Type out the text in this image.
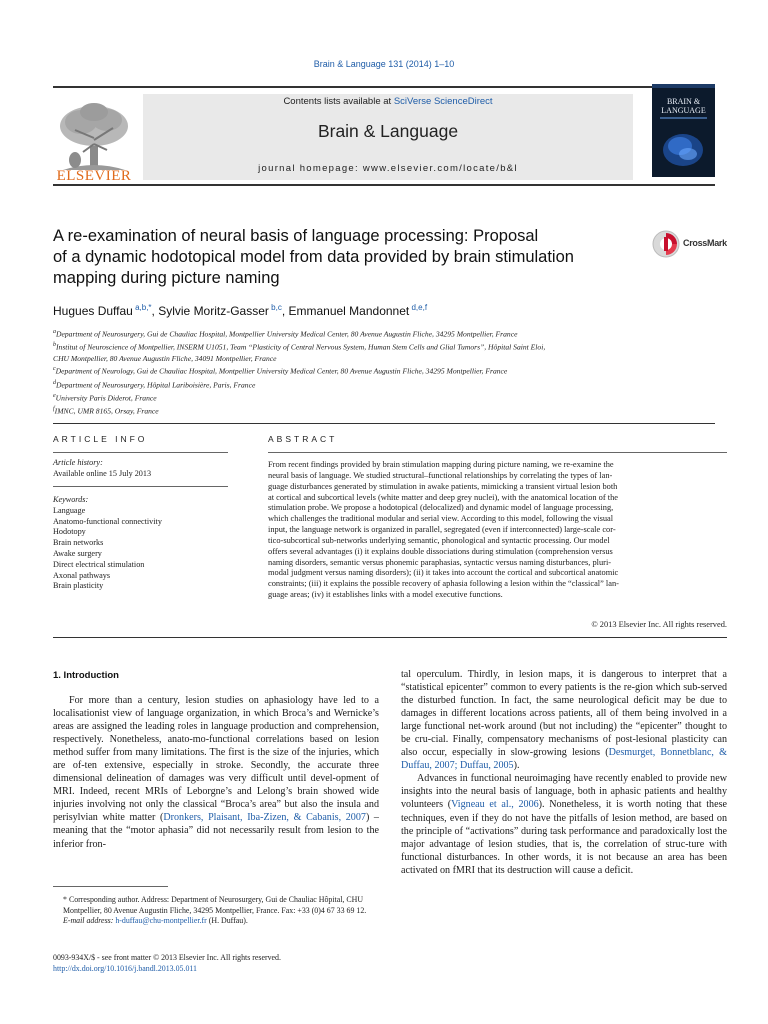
Brain & Language 131 (2014) 1–10
ELSEVIER
Contents lists available at SciVerse ScienceDirect
Brain & Language
journal homepage: www.elsevier.com/locate/b&l
BRAIN &
LANGUAGE
A re-examination of neural basis of language processing: Proposal
of a dynamic hodotopical model from data provided by brain stimulation
mapping during picture naming
CrossMark
Hugues Duffau $^{a,b,*}$, Sylvie Moritz-Gasser $^{b,c}$, Emmanuel Mandonnet $^{d,e,f}$
$^a$Department of Neurosurgery, Gui de Chauliac Hospital, Montpellier University Medical Center, 80 Avenue Augustin Fliche, 34295 Montpellier, France
$^b$Institut of Neuroscience of Montpellier, INSERM U1051, Team “Plasticity of Central Nervous System, Human Stem Cells and Glial Tumors”, Hôpital Saint Eloi,
CHU Montpellier, 80 Avenue Augustin Fliche, 34091 Montpellier, France
$^c$Department of Neurology, Gui de Chauliac Hospital, Montpellier University Medical Center, 80 Avenue Augustin Fliche, 34295 Montpellier, France
$^d$Department of Neurosurgery, Hôpital Lariboisière, Paris, France
$^e$University Paris Diderot, France
$^f$IMNC, UMR 8165, Orsay, France
ARTICLE INFO	ABSTRACT
Article history:
Available online 15 July 2013
Keywords:
Language
Anatomo-functional connectivity
Hodotopy
Brain networks
Awake surgery
Direct electrical stimulation
Axonal pathways
Brain plasticity
From recent findings provided by brain stimulation mapping during picture naming, we re-examine the
neural basis of language. We studied structural–functional relationships by correlating the types of lan-
guage disturbances generated by stimulation in awake patients, mimicking a transient virtual lesion both
at cortical and subcortical levels (white matter and deep grey nuclei), with the anatomical location of the
stimulation probe. We propose a hodotopical (delocalized) and dynamic model of language processing,
which challenges the traditional modular and serial view. According to this model, following the visual
input, the language network is organized in parallel, segregated (even if interconnected) large-scale cor-
tico-subcortical sub-networks underlying semantic, phonological and syntactic processing. Our model
offers several advantages (i) it explains double dissociations during stimulation (comprehension versus
naming disorders, semantic versus phonemic paraphasias, syntactic versus naming disturbances, pluri-
modal judgment versus naming disorders); (ii) it takes into account the cortical and subcortical anatomic
constraints; (iii) it explains the possible recovery of aphasia following a lesion within the “classical” lan-
guage areas; (iv) it establishes links with a model executive functions.
© 2013 Elsevier Inc. All rights reserved.
1. Introduction

For more than a century, lesion studies on aphasiology have led to a localisationist view of language organization, in which Broca’s and Wernicke’s areas are assigned the leading roles in language production and comprehension, respectively. Nonetheless, anato-mo-functional correlations based on lesion method suffer from many limitations. The first is the size of the injuries, which are of-ten extensive, especially in stroke. Secondly, the accurate three dimensional delineation of damages was very difficult until devel-opment of MRI. Indeed, recent MRIs of Leborgne’s and Lelong’s brain showed wide injuries involving not only the classical “Broca’s area” but also the insula and perisylvian white matter (Dronkers, Plaisant, Iba-Zizen, & Cabanis, 2007) – meaning that the “motor aphasia” did not necessarily result from lesion to the inferior fron-

tal operculum. Thirdly, in lesion maps, it is dangerous to interpret that a “statistical epicenter” common to every patients is the re-gion which sub-served the disturbed function. In fact, the same neurological deficit may be due to damages in different locations across patients, all of them being involved in a large functional net-work around (but not including) the “epicenter” thought to be cru-cial. Finally, compensatory mechanisms of post-lesional plasticity can also occur, especially in slow-growing lesions (Desmurget, Bonnetblanc, & Duffau, 2007; Duffau, 2005).

Advances in functional neuroimaging have recently enabled to provide new insights into the neural basis of language, both in aphasic patients and healthy volunteers (Vigneau et al., 2006). Nonetheless, it is worth noting that these techniques, even if they do not have the pitfalls of lesion method, are based on the principle of “activations” during task performance and paradoxically lost the major advantage of lesion studies, that is, the correlation of struc-ture with functional disturbances. In other words, it is not because an area has been activated on fMRI that its destruction will cause a deficit.

* Corresponding author. Address: Department of Neurosurgery, Gui de Chauliac Hôpital, CHU Montpellier, 80 Avenue Augustin Fliche, 34295 Montpellier, France. Fax: +33 (0)4 67 33 69 12.
E-mail address: h-duffau@chu-montpellier.fr (H. Duffau).
0093-934X/$ - see front matter © 2013 Elsevier Inc. All rights reserved.
http://dx.doi.org/10.1016/j.bandl.2013.05.011
